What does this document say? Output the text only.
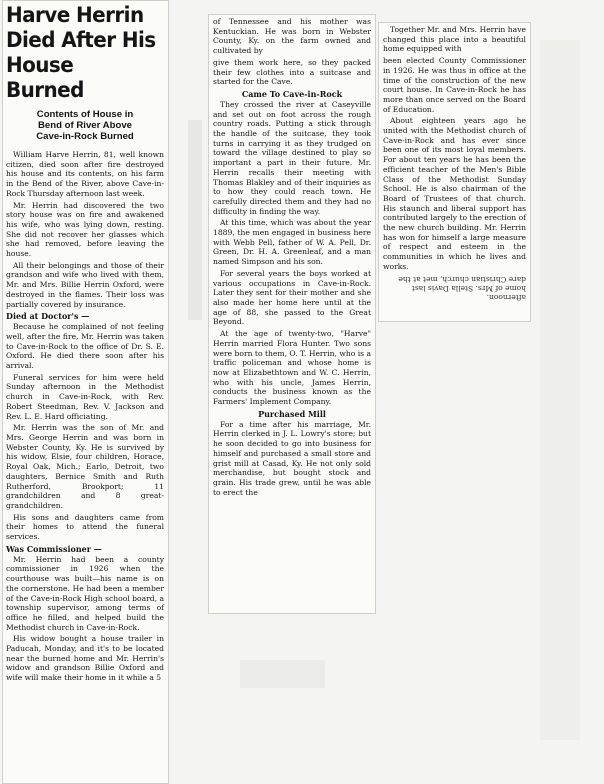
Harve Herrin
Died After His
House Burned
Contents of House in
Bend of River Above
Cave-in-Rock Burned

William Harve Herrin, 81, well known citizen, died soon after fire destroyed his house and its contents, on his farm in the Bend of the River, above Cave-in-Rock Thursday afternoon last week.

Mr. Herrin had discovered the two story house was on fire and awakened his wife, who was lying down, resting. She did not recover her glasses which she had removed, before leaving the house.

All their belongings and those of their grandson and wife who lived with them, Mr. and Mrs. Billie Herrin Oxford, were destroyed in the flames. Their loss was partially covered by insurance.

Died at Doctor's —

Because he complained of not feeling well, after the fire, Mr. Herrin was taken to Cave-in-Rock to the office of Dr. S. E. Oxford. He died there soon after his arrival.

Funeral services for him were held Sunday afternoon in the Methodist church in Cave-in-Rock, with Rev. Robert Steedman, Rev. V. Jackson and Rev. L. E. Hard officiating.

Mr. Herrin was the son of Mr. and Mrs. George Herrin and was born in Webster County, Ky. He is survived by his widow, Elsie, four children, Horace, Royal Oak, Mich.; Earlo, Detroit, two daughters, Bernice Smith and Ruth Rutherford, Brookport; 11 grandchildren and 8 great-grandchildren.

His sons and daughters came from their homes to attend the funeral services.

Was Commissioner —

Mr. Herrin had been a county commissioner in 1926 when the courthouse was built—his name is on the cornerstone. He had been a member of the Cave-in-Rock High school board, a township supervisor, among terms of office he filled, and helped build the Methodist church in Cave-in-Rock.

His widow bought a house trailer in Paducah, Monday, and it's to be located near the burned home and Mr. Herrin's widow and grandson Billie Oxford and wife will make their home in it while a 5

of Tennessee and his mother was Kentuckian. He was born in Webster County, Ky. on the farm owned and cultivated by

give them work here, so they packed their few clothes into a suitcase and started for the Cave.

Came To Cave-in-Rock

They crossed the river at Caseyville and set out on foot across the rough country roads. Putting a stick through the handle of the suitcase, they took turns in carrying it as they trudged on toward the village destined to play so important a part in their future. Mr. Herrin recalls their meeting with Thomas Blakley and of their inquiries as to how they could reach town. He carefully directed them and they had no difficulty in finding the way.

At this time, which was about the year 1889, the men engaged in business here with Webb Pell, father of W. A. Pell, Dr. Green, Dr. H. A. Greenleaf, and a man named Simpson and his son.

For several years the boys worked at various occupations in Cave-in-Rock. Later they sent for their mother and she also made her home here until at the age of 88, she passed to the Great Beyond.

At the age of twenty-two, "Harve" Herrin married Flora Hunter. Two sons were born to them, O. T. Herrin, who is a traffic policeman and whose home is now at Elizabethtown and W. C. Herrin, who with his uncle, James Herrin, conducts the business known as the Farmers' Implement Company.

Purchased Mill

For a time after his marriage, Mr. Herrin clerked in J. L. Lowry's store; but he soon decided to go into business for himself and purchased a small store and grist mill at Casad, Ky. He not only sold merchandise, but bought stock and grain. His trade grew, until he was able to erect the

Together Mr. and Mrs. Herrin have changed this place into a beautiful home equipped with

been elected County Commissioner in 1926. He was thus in office at the time of the construction of the new court house. In Cave-in-Rock he has more than once served on the Board of Education.

About eighteen years ago he united with the Methodist church of Cave-in-Rock and has ever since been one of its most loyal members. For about ten years he has been the efficient teacher of the Men's Bible Class of the Methodist Sunday School. He is also chairman of the Board of Trustees of that church. His staunch and liberal support has contributed largely to the erection of the new church building. Mr. Herrin has won for himself a large measure of respect and esteem in the communities in which he lives and works.

afternoon.
home of Mrs. Stella Davis last
dare Christian church, met at the
